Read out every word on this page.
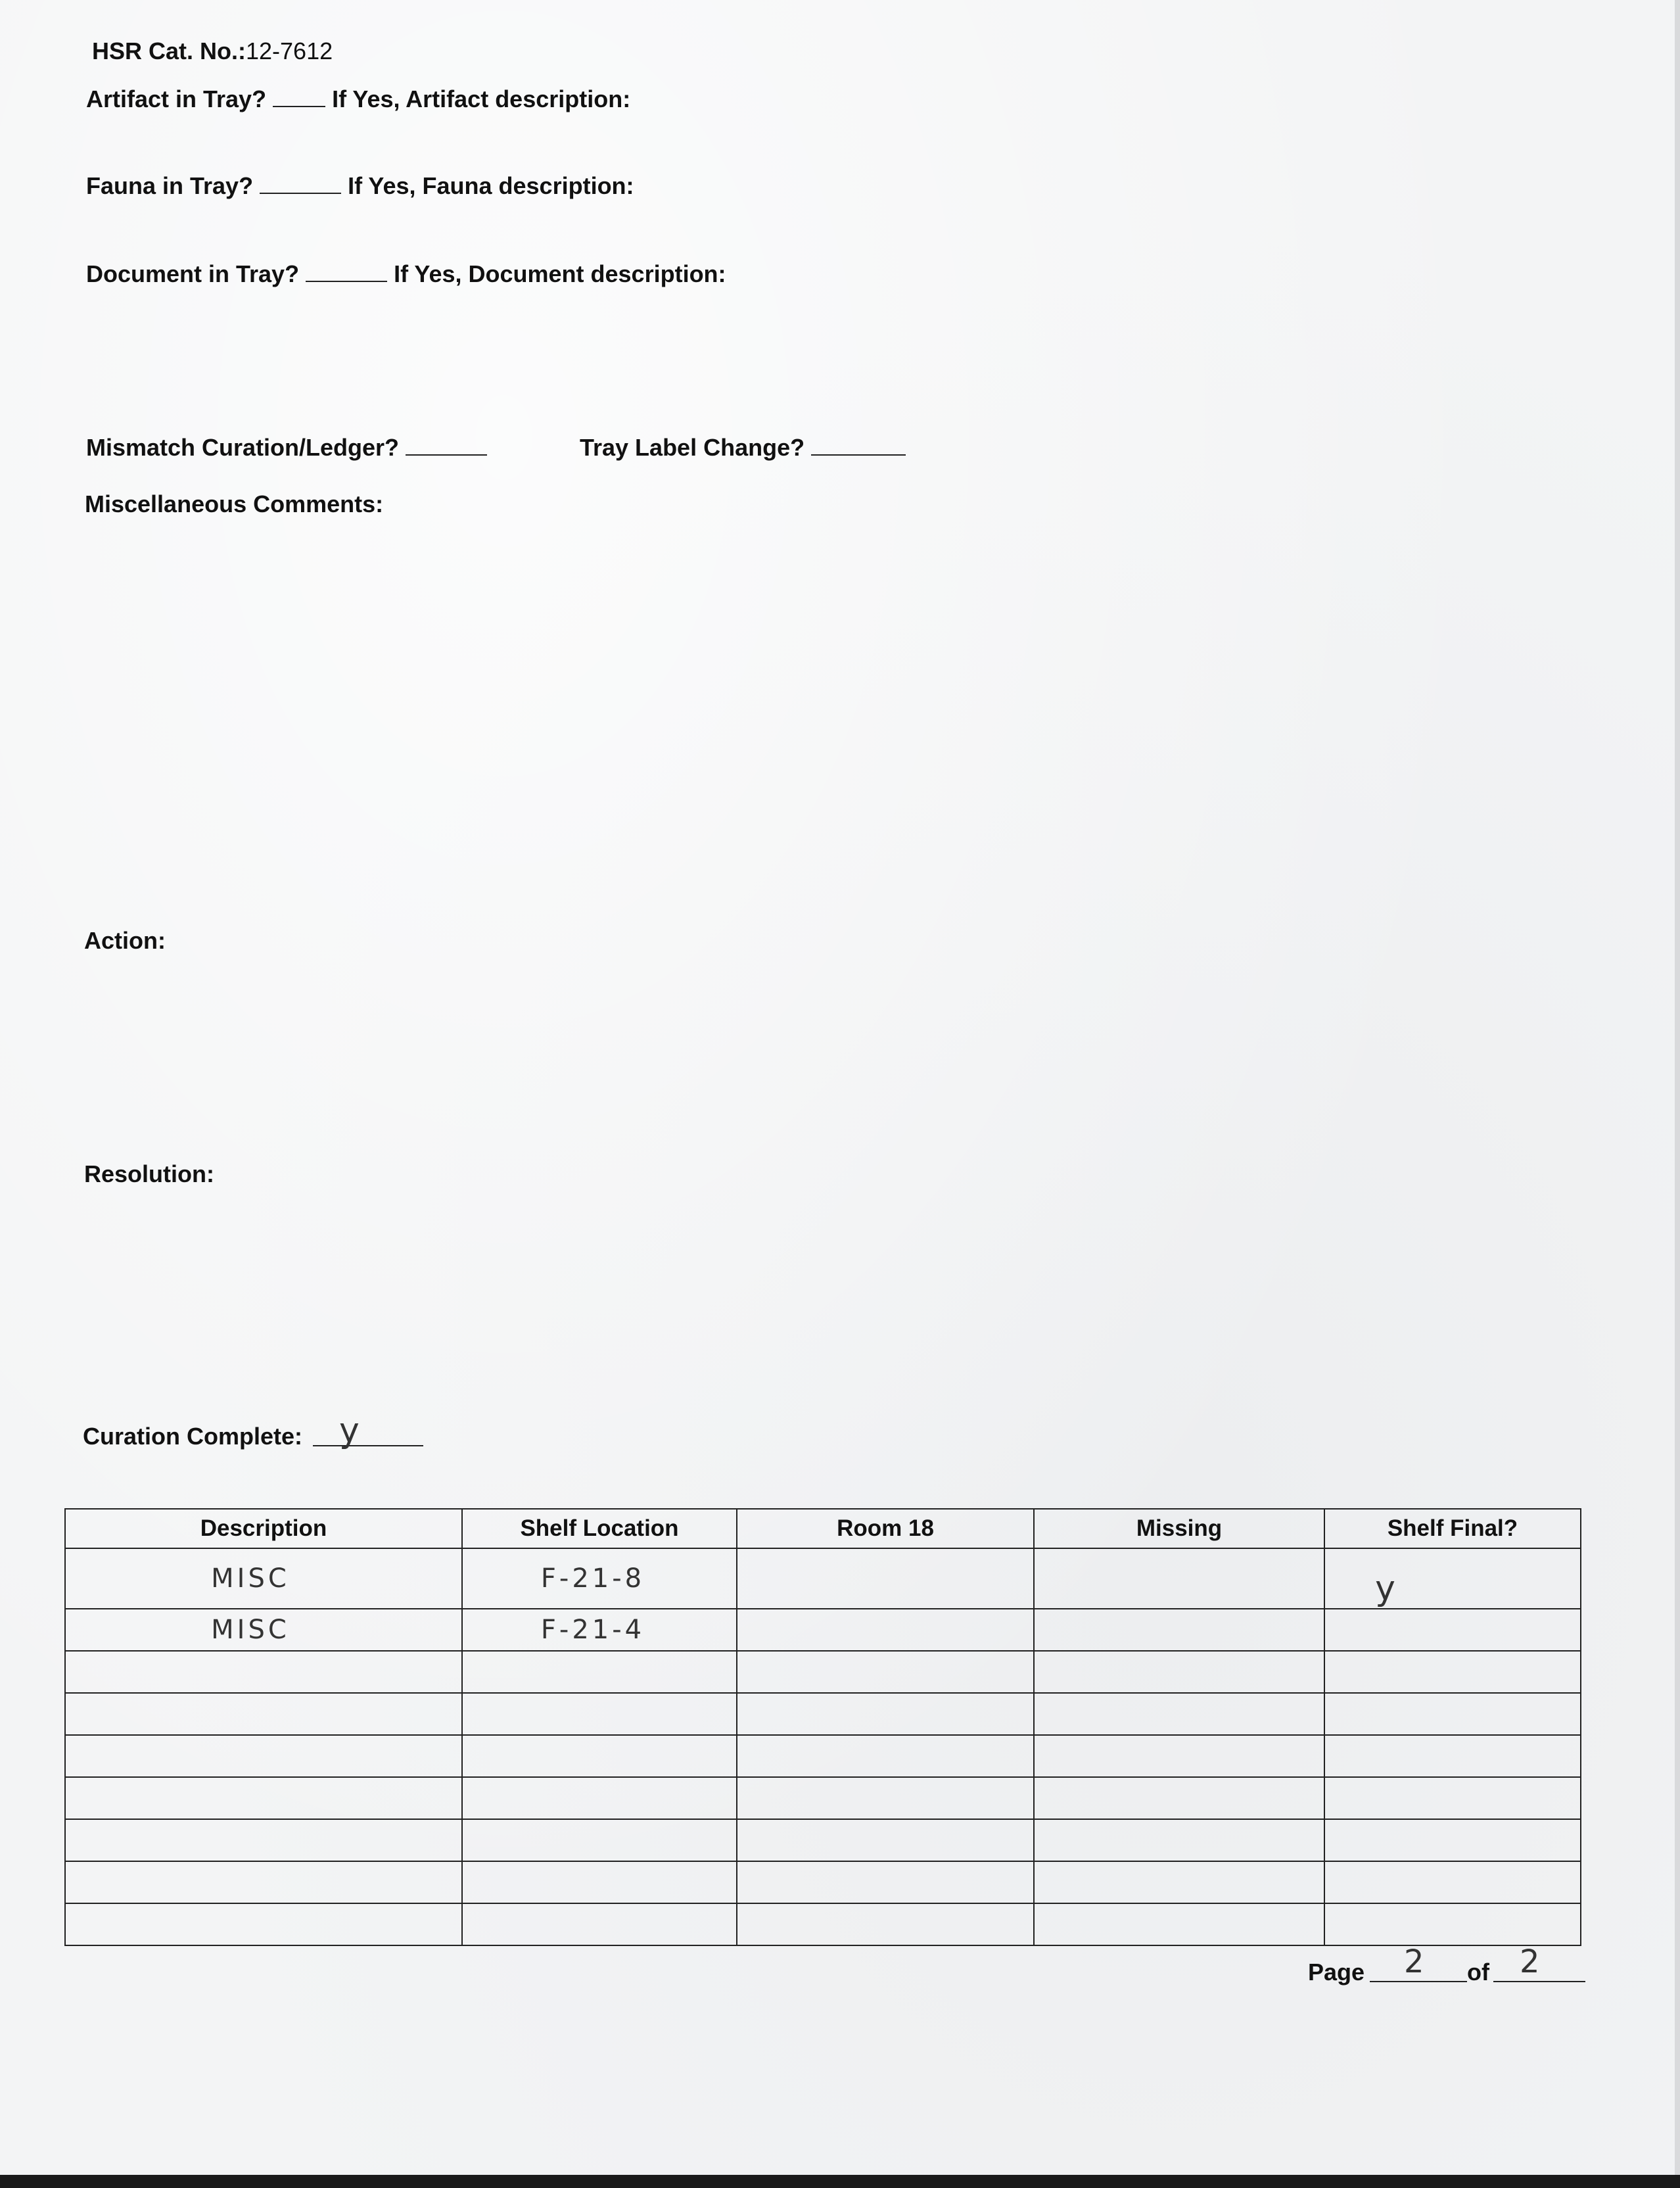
HSR Cat. No.:12-7612
Artifact in Tray?	If Yes, Artifact description:
Fauna in Tray?	If Yes, Fauna description:
Document in Tray?	If Yes, Document description:
Mismatch Curation/Ledger?	Tray Label Change?
Miscellaneous Comments:
Action:
Resolution:
Curation Complete: y
Description	Shelf Location	Room 18	Missing	Shelf Final?
MISC	F-21-8			y
MISC	F-21-4			

Page 2 of 2
